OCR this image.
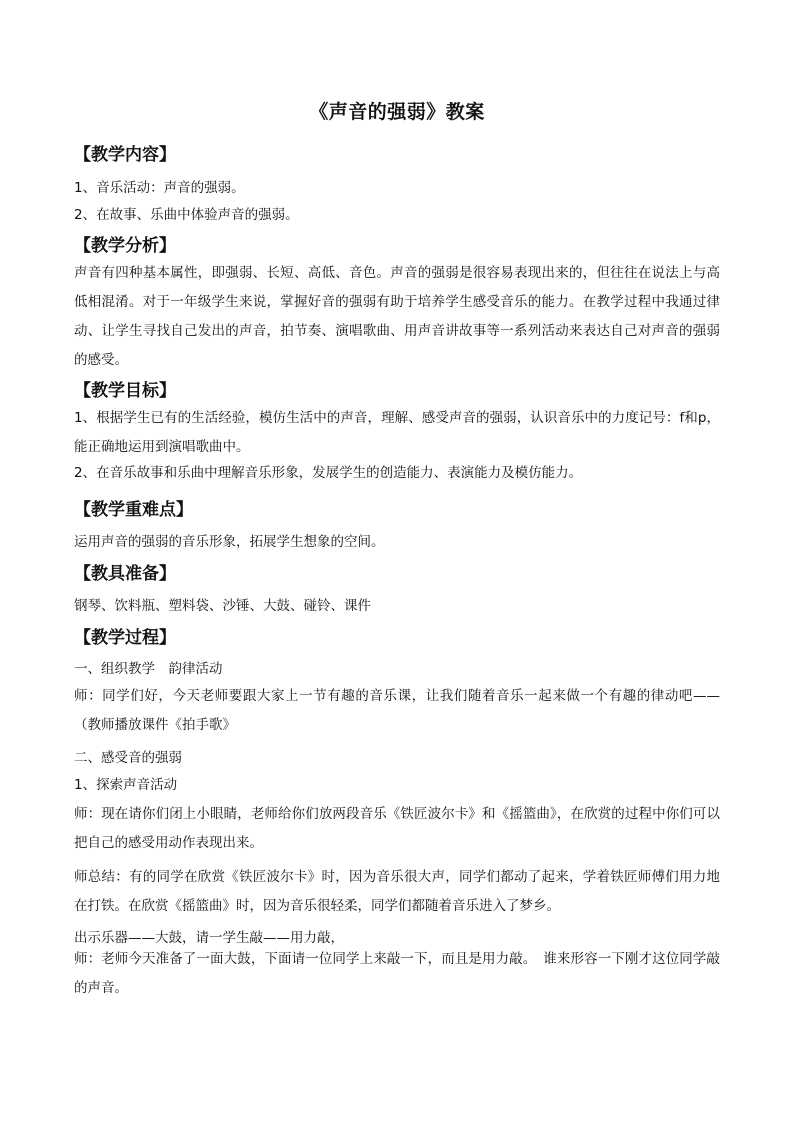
《声音的强弱》教案
【教学内容】
1、音乐活动：声音的强弱。
2、在故事、乐曲中体验声音的强弱。
【教学分析】
声音有四种基本属性，即强弱、长短、高低、音色。声音的强弱是很容易表现出来的，但往往在说法上与高低相混淆。对于一年级学生来说，掌握好音的强弱有助于培养学生感受音乐的能力。在教学过程中我通过律动、让学生寻找自己发出的声音，拍节奏、演唱歌曲、用声音讲故事等一系列活动来表达自己对声音的强弱的感受。
【教学目标】
1、根据学生已有的生活经验，模仿生活中的声音，理解、感受声音的强弱，认识音乐中的力度记号：f和p，能正确地运用到演唱歌曲中。
2、在音乐故事和乐曲中理解音乐形象，发展学生的创造能力、表演能力及模仿能力。
【教学重难点】
运用声音的强弱的音乐形象，拓展学生想象的空间。
【教具准备】
钢琴、饮料瓶、塑料袋、沙锤、大鼓、碰铃、课件
【教学过程】
一、组织教学　韵律活动
师：同学们好，今天老师要跟大家上一节有趣的音乐课，让我们随着音乐一起来做一个有趣的律动吧——（教师播放课件《拍手歌》
二、感受音的强弱
1、探索声音活动
师：现在请你们闭上小眼睛，老师给你们放两段音乐《铁匠波尔卡》和《摇篮曲》，在欣赏的过程中你们可以把自己的感受用动作表现出来。
师总结：有的同学在欣赏《铁匠波尔卡》时，因为音乐很大声，同学们都动了起来，学着铁匠师傅们用力地在打铁。在欣赏《摇篮曲》时，因为音乐很轻柔，同学们都随着音乐进入了梦乡。
出示乐器——大鼓，请一学生敲——用力敲，
师：老师今天准备了一面大鼓，下面请一位同学上来敲一下，而且是用力敲。　谁来形容一下刚才这位同学敲的声音。
